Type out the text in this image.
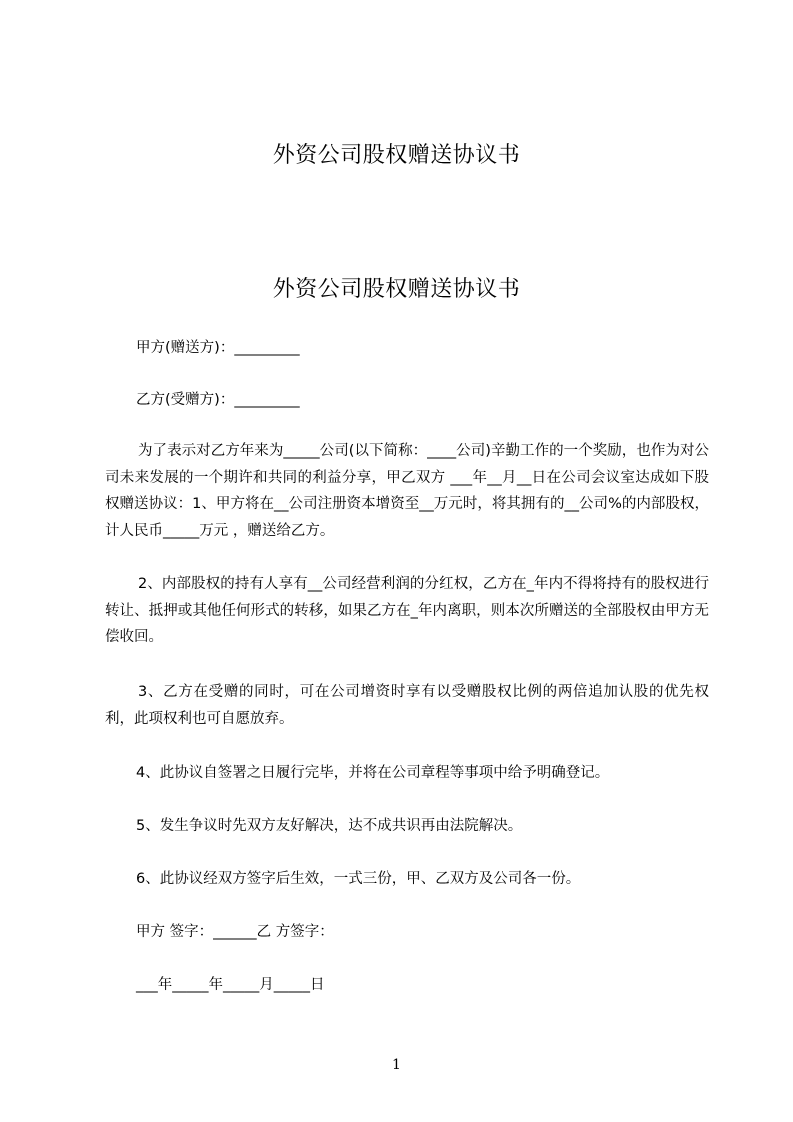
外资公司股权赠送协议书
外资公司股权赠送协议书
甲方(赠送方)：_________
乙方(受赠方)：_________
为了表示对乙方年来为_____公司(以下简称：____公司)辛勤工作的一个奖励，也作为对公司未来发展的一个期许和共同的利益分享，甲乙双方 ___年__月__日在公司会议室达成如下股权赠送协议：1、甲方将在__公司注册资本增资至__万元时，将其拥有的__公司%的内部股权，计人民币_____万元 ，赠送给乙方。
2、内部股权的持有人享有__公司经营利润的分红权，乙方在_年内不得将持有的股权进行转让、抵押或其他任何形式的转移，如果乙方在_年内离职，则本次所赠送的全部股权由甲方无偿收回。
3、乙方在受赠的同时，可在公司增资时享有以受赠股权比例的两倍追加认股的优先权利，此项权利也可自愿放弃。
4、此协议自签署之日履行完毕，并将在公司章程等事项中给予明确登记。
5、发生争议时先双方友好解决，达不成共识再由法院解决。
6、此协议经双方签字后生效，一式三份，甲、乙双方及公司各一份。
甲方 签字：______乙 方签字：
___年_____年_____月_____日
1
